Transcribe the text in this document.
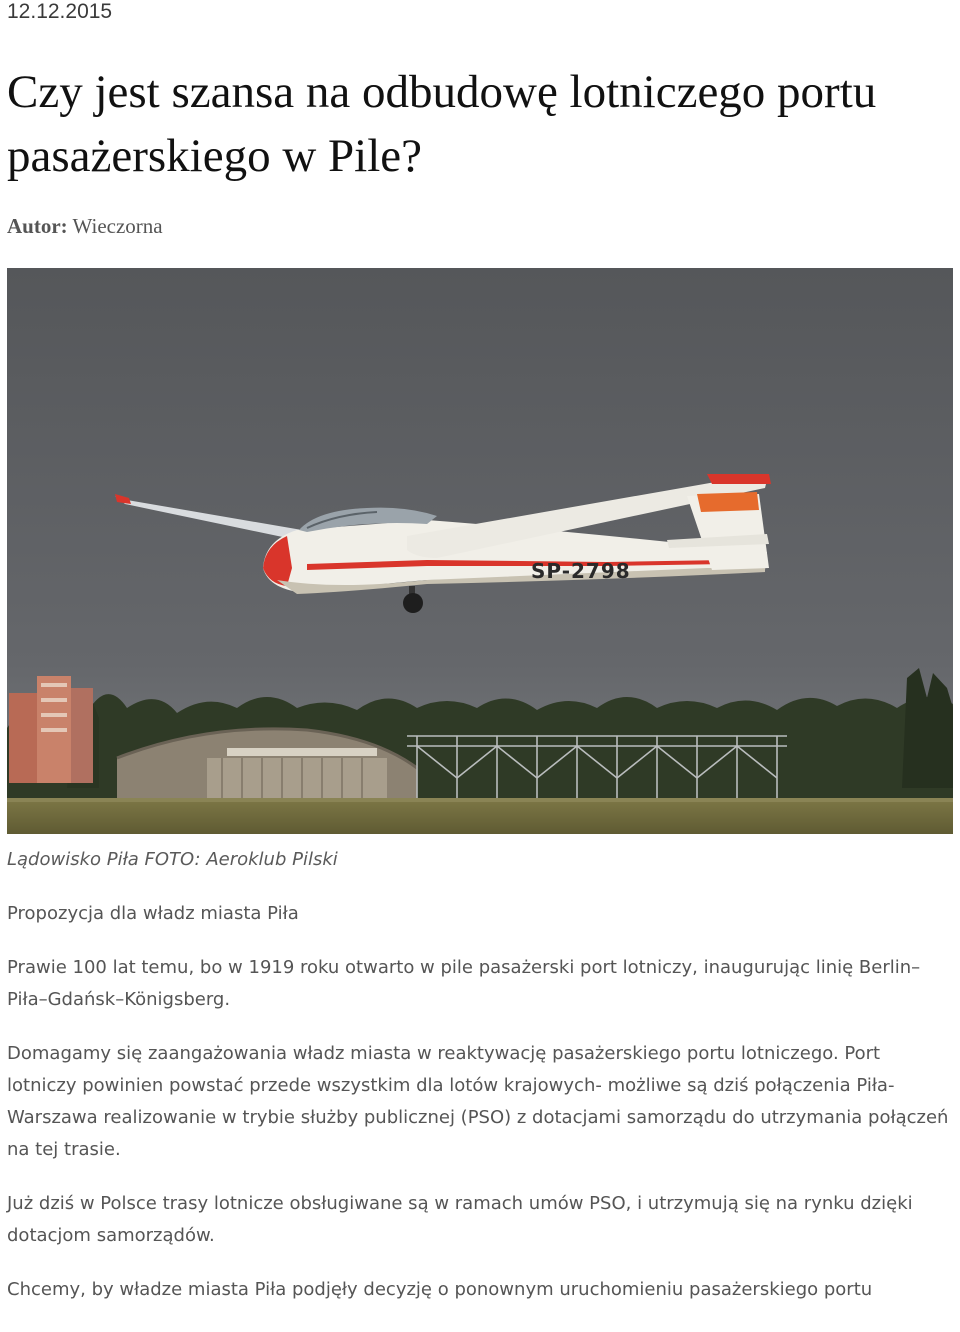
12.12.2015

Czy jest szansa na odbudowę lotniczego portu pasażerskiego w Pile?

Autor: Wieczorna

SP-2798

Lądowisko Piła FOTO: Aeroklub Pilski

Propozycja dla władz miasta Piła

Prawie 100 lat temu, bo w 1919 roku otwarto w pile pasażerski port lotniczy, inaugurując linię Berlin–Piła–Gdańsk–Königsberg.

Domagamy się zaangażowania władz miasta w reaktywację pasażerskiego portu lotniczego. Port lotniczy powinien powstać przede wszystkim dla lotów krajowych- możliwe są dziś połączenia Piła- Warszawa realizowanie w trybie służby publicznej (PSO) z dotacjami samorządu do utrzymania połączeń na tej trasie.

Już dziś w Polsce trasy lotnicze obsługiwane są w ramach umów PSO, i utrzymują się na rynku dzięki dotacjom samorządów.

Chcemy, by władze miasta Piła podjęły decyzję o ponownym uruchomieniu pasażerskiego portu
